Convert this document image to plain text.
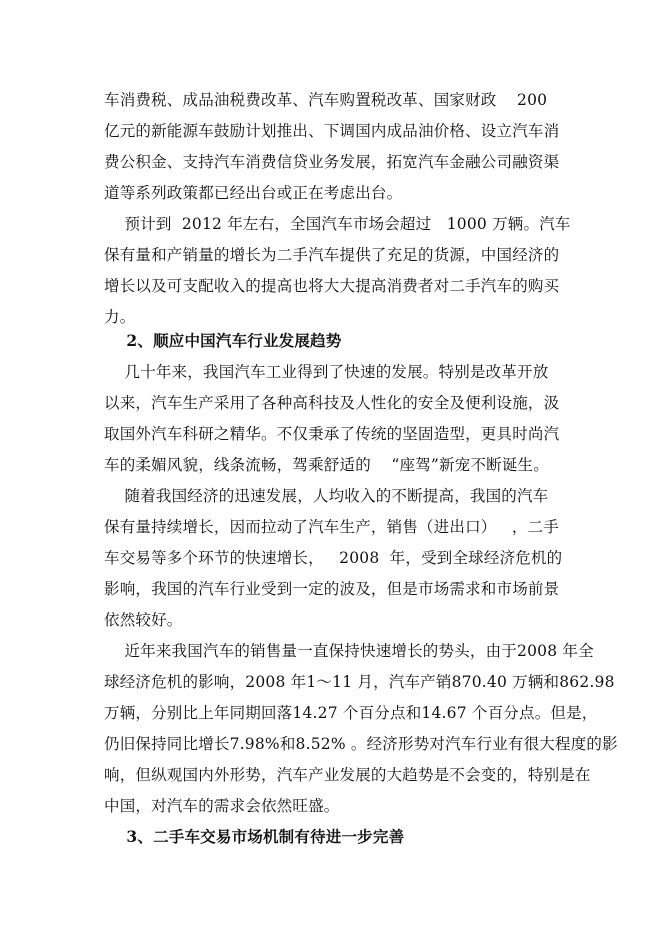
车消费税、成品油税费改革、汽车购置税改革、国家财政    200
亿元的新能源车鼓励计划推出、下调国内成品油价格、设立汽车消
费公积金、支持汽车消费信贷业务发展，拓宽汽车金融公司融资渠
道等系列政策都已经出台或正在考虑出台。
预计到  2012 年左右，全国汽车市场会超过   1000 万辆。汽车
保有量和产销量的增长为二手汽车提供了充足的货源，中国经济的
增长以及可支配收入的提高也将大大提高消费者对二手汽车的购买
力。
2、顺应中国汽车行业发展趋势
几十年来，我国汽车工业得到了快速的发展。特别是改革开放
以来，汽车生产采用了各种高科技及人性化的安全及便利设施，汲
取国外汽车科研之精华。不仅秉承了传统的坚固造型，更具时尚汽
车的柔媚风貌，线条流畅，驾乘舒适的    “座驾”新宠不断诞生。
随着我国经济的迅速发展，人均收入的不断提高，我国的汽车
保有量持续增长，因而拉动了汽车生产，销售（进出口）   ，二手
车交易等多个环节的快速增长，   2008  年，受到全球经济危机的
影响，我国的汽车行业受到一定的波及，但是市场需求和市场前景
依然较好。
近年来我国汽车的销售量一直保持快速增长的势头，由于2008 年全
球经济危机的影响，2008 年1～11 月，汽车产销870.40 万辆和862.98
万辆，分别比上年同期回落14.27 个百分点和14.67 个百分点。但是，
仍旧保持同比增长7.98%和8.52% 。经济形势对汽车行业有很大程度的影
响，但纵观国内外形势，汽车产业发展的大趋势是不会变的，特别是在
中国，对汽车的需求会依然旺盛。
3、二手车交易市场机制有待进一步完善
